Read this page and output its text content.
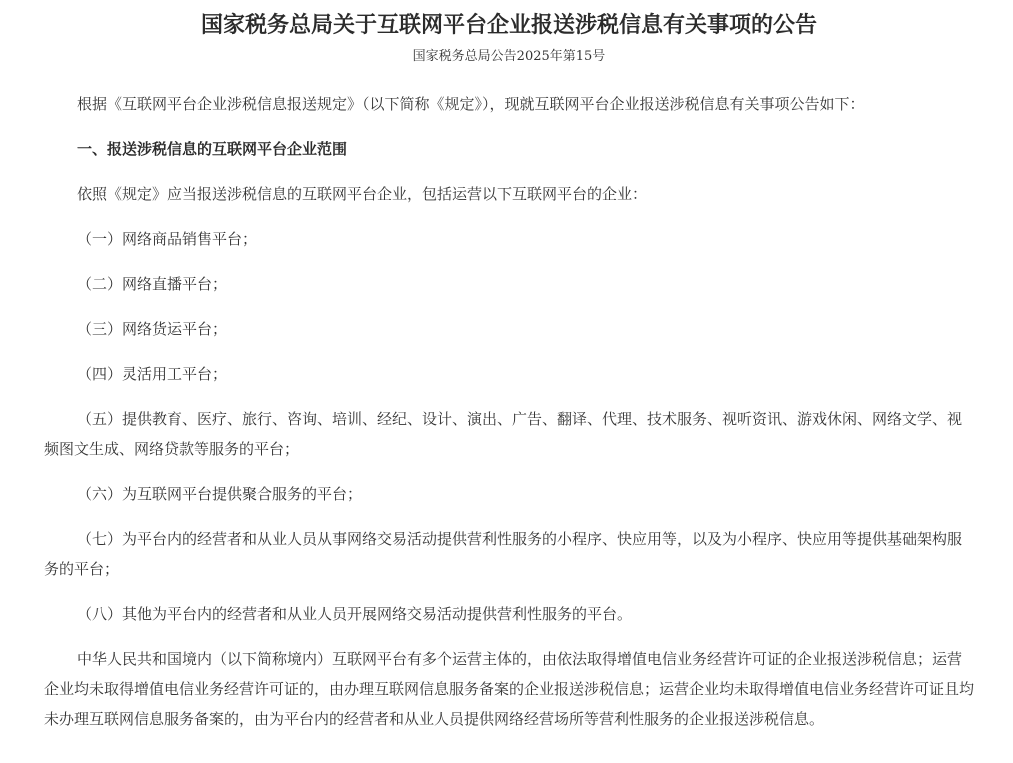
国家税务总局关于互联网平台企业报送涉税信息有关事项的公告

国家税务总局公告2025年第15号

根据《互联网平台企业涉税信息报送规定》（以下简称《规定》），现就互联网平台企业报送涉税信息有关事项公告如下：

一、报送涉税信息的互联网平台企业范围

依照《规定》应当报送涉税信息的互联网平台企业，包括运营以下互联网平台的企业：

（一）网络商品销售平台；

（二）网络直播平台；

（三）网络货运平台；

（四）灵活用工平台；

（五）提供教育、医疗、旅行、咨询、培训、经纪、设计、演出、广告、翻译、代理、技术服务、视听资讯、游戏休闲、网络文学、视频图文生成、网络贷款等服务的平台；

（六）为互联网平台提供聚合服务的平台；

（七）为平台内的经营者和从业人员从事网络交易活动提供营利性服务的小程序、快应用等，以及为小程序、快应用等提供基础架构服务的平台；

（八）其他为平台内的经营者和从业人员开展网络交易活动提供营利性服务的平台。

中华人民共和国境内（以下简称境内）互联网平台有多个运营主体的，由依法取得增值电信业务经营许可证的企业报送涉税信息；运营企业均未取得增值电信业务经营许可证的，由办理互联网信息服务备案的企业报送涉税信息；运营企业均未取得增值电信业务经营许可证且均未办理互联网信息服务备案的，由为平台内的经营者和从业人员提供网络经营场所等营利性服务的企业报送涉税信息。
